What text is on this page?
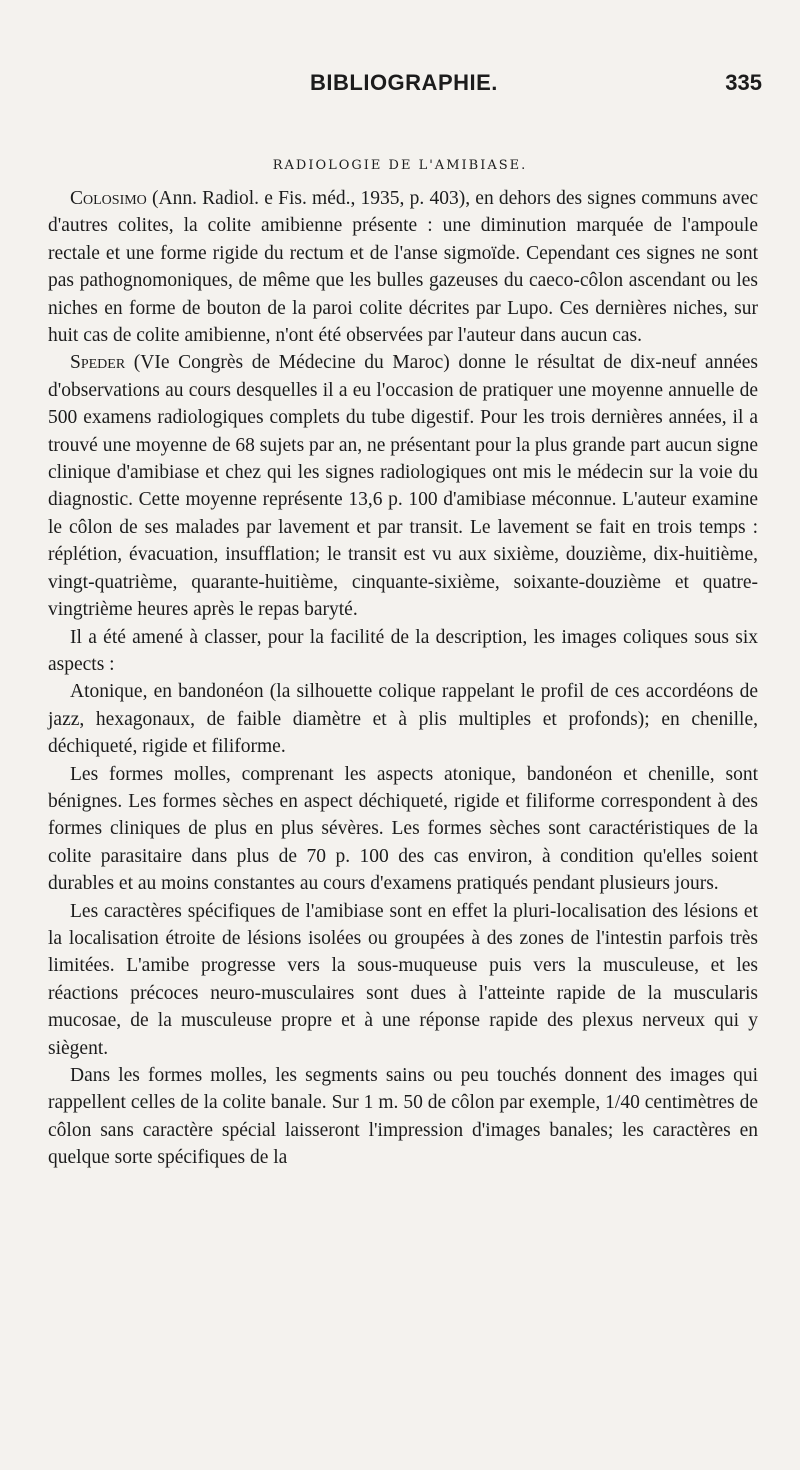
BIBLIOGRAPHIE.	335
RADIOLOGIE DE L'AMIBIASE.

Colosimo (Ann. Radiol. e Fis. méd., 1935, p. 403), en dehors des signes communs avec d'autres colites, la colite amibienne présente : une diminution marquée de l'ampoule rectale et une forme rigide du rectum et de l'anse sigmoïde. Cependant ces signes ne sont pas pathognomoniques, de même que les bulles gazeuses du caeco-côlon ascendant ou les niches en forme de bouton de la paroi colite décrites par Lupo. Ces dernières niches, sur huit cas de colite amibienne, n'ont été observées par l'auteur dans aucun cas.

Speder (VIe Congrès de Médecine du Maroc) donne le résultat de dix-neuf années d'observations au cours desquelles il a eu l'occasion de pratiquer une moyenne annuelle de 500 examens radiologiques complets du tube digestif. Pour les trois dernières années, il a trouvé une moyenne de 68 sujets par an, ne présentant pour la plus grande part aucun signe clinique d'amibiase et chez qui les signes radiologiques ont mis le médecin sur la voie du diagnostic. Cette moyenne représente 13,6 p. 100 d'amibiase méconnue. L'auteur examine le côlon de ses malades par lavement et par transit. Le lavement se fait en trois temps : réplétion, évacuation, insufflation; le transit est vu aux sixième, douzième, dix-huitième, vingt-quatrième, quarante-huitième, cinquante-sixième, soixante-douzième et quatre-vingtrième heures après le repas baryté.

Il a été amené à classer, pour la facilité de la description, les images coliques sous six aspects :

Atonique, en bandonéon (la silhouette colique rappelant le profil de ces accordéons de jazz, hexagonaux, de faible diamètre et à plis multiples et profonds); en chenille, déchiqueté, rigide et filiforme.

Les formes molles, comprenant les aspects atonique, bandonéon et chenille, sont bénignes. Les formes sèches en aspect déchiqueté, rigide et filiforme correspondent à des formes cliniques de plus en plus sévères. Les formes sèches sont caractéristiques de la colite parasitaire dans plus de 70 p. 100 des cas environ, à condition qu'elles soient durables et au moins constantes au cours d'examens pratiqués pendant plusieurs jours.

Les caractères spécifiques de l'amibiase sont en effet la pluri-localisation des lésions et la localisation étroite de lésions isolées ou groupées à des zones de l'intestin parfois très limitées. L'amibe progresse vers la sous-muqueuse puis vers la musculeuse, et les réactions précoces neuro-musculaires sont dues à l'atteinte rapide de la muscularis mucosae, de la musculeuse propre et à une réponse rapide des plexus nerveux qui y siègent.

Dans les formes molles, les segments sains ou peu touchés donnent des images qui rappellent celles de la colite banale. Sur 1 m. 50 de côlon par exemple, 1/40 centimètres de côlon sans caractère spécial laisseront l'impression d'images banales; les caractères en quelque sorte spécifiques de la
